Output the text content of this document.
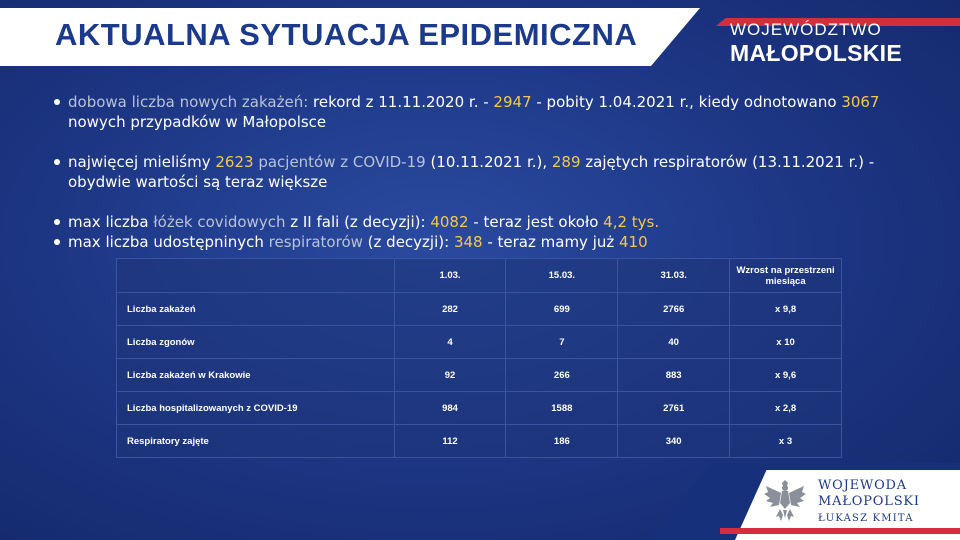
AKTUALNA SYTUACJA EPIDEMICZNA	WOJEWÓDZTWO
MAŁOPOLSKIE
dobowa liczba nowych zakażeń: rekord z 11.11.2020 r. - 2947 - pobity 1.04.2021 r., kiedy odnotowano 3067 nowych przypadków w Małopolsce
najwięcej mieliśmy 2623 pacjentów z COVID-19 (10.11.2021 r.), 289 zajętych respiratorów (13.11.2021 r.) - obydwie wartości są teraz większe
max liczba łóżek covidowych z II fali (z decyzji): 4082 - teraz jest około 4,2 tys.
max liczba udostępninych respiratorów (z decyzji): 348 - teraz mamy już 410
	1.03.	15.03.	31.03.	Wzrost na przestrzeni miesiąca
Liczba zakażeń	282	699	2766	x 9,8
Liczba zgonów	4	7	40	x 10
Liczba zakażeń w Krakowie	92	266	883	x 9,6
Liczba hospitalizowanych z COVID-19	984	1588	2761	x 2,8
Respiratory zajęte	112	186	340	x 3
WOJEWODA
MAŁOPOLSKI
ŁUKASZ KMITA
